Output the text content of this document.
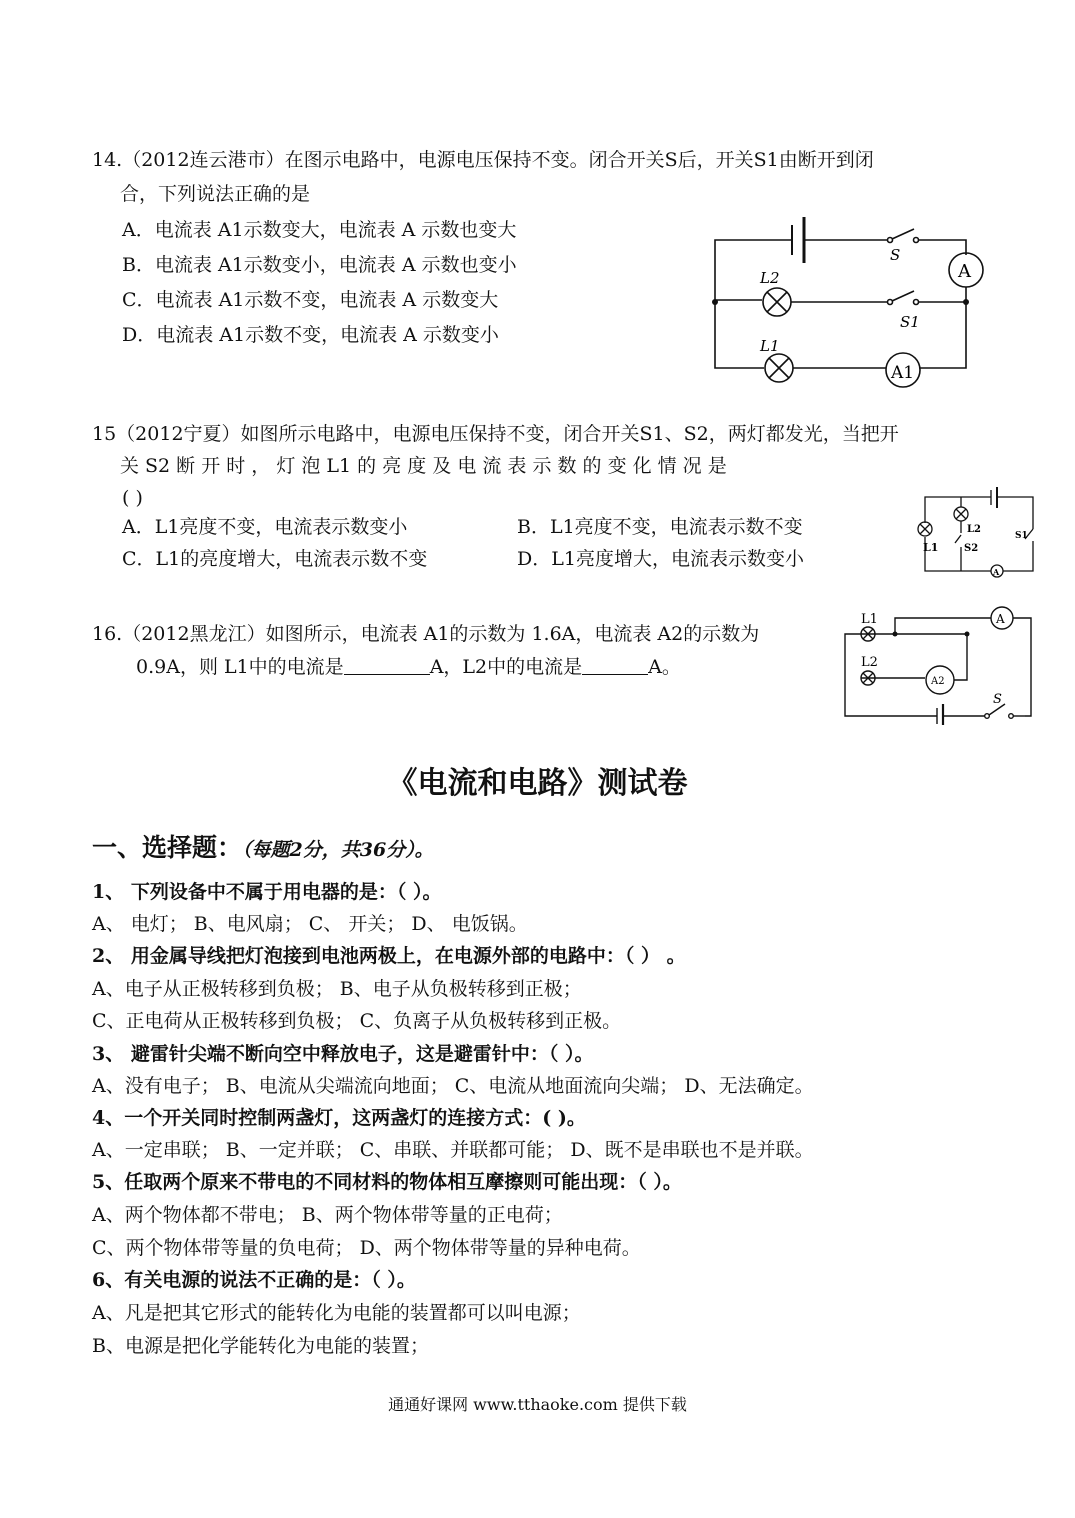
14.（2012连云港市）在图示电路中，电源电压保持不变。闭合开关S后，开关S1由断开到闭
合，下列说法正确的是
A．电流表 A1示数变大，电流表 A 示数也变大
B．电流表 A1示数变小，电流表 A 示数也变小
C．电流表 A1示数不变，电流表 A 示数变大
D．电流表 A1示数不变，电流表 A 示数变小
A
A1
S
S1
L2
L1
15（2012宁夏）如图所示电路中，电源电压保持不变，闭合开关S1、S2，两灯都发光，当把开
关 S2 断 开 时 ， 灯 泡 L1 的 亮 度 及 电 流 表 示 数 的 变 化 情 况 是
( )
A．L1亮度不变，电流表示数变小	B．L1亮度不变，电流表示数不变
C．L1的亮度增大，电流表示数不变	D．L1亮度增大，电流表示数变小
A
L1
L2
S2
S1
16.（2012黑龙江）如图所示，电流表 A1的示数为 1.6A，电流表 A2的示数为
0.9A，则 L1中的电流是	A，L2中的电流是	A。
A
A2
L1
L2
S
《电流和电路》测试卷
一、选择题：（每题2分，共36分）。
1、 下列设备中不属于用电器的是：（ ）。
A、 电灯； B、电风扇； C、 开关； D、 电饭锅。
2、 用金属导线把灯泡接到电池两极上，在电源外部的电路中：（ ） 。
A、电子从正极转移到负极； B、电子从负极转移到正极；
C、正电荷从正极转移到负极； C、负离子从负极转移到正极。
3、 避雷针尖端不断向空中释放电子，这是避雷针中：（ ）。
A、没有电子； B、电流从尖端流向地面； C、电流从地面流向尖端； D、无法确定。
4、一个开关同时控制两盏灯，这两盏灯的连接方式：( )。
A、一定串联； B、一定并联； C、串联、并联都可能； D、既不是串联也不是并联。
5、任取两个原来不带电的不同材料的物体相互摩擦则可能出现：（ ）。
A、两个物体都不带电； B、两个物体带等量的正电荷；
C、两个物体带等量的负电荷； D、两个物体带等量的异种电荷。
6、有关电源的说法不正确的是：（ ）。
A、凡是把其它形式的能转化为电能的装置都可以叫电源；
B、电源是把化学能转化为电能的装置；
通通好课网 www.tthaoke.com 提供下载
